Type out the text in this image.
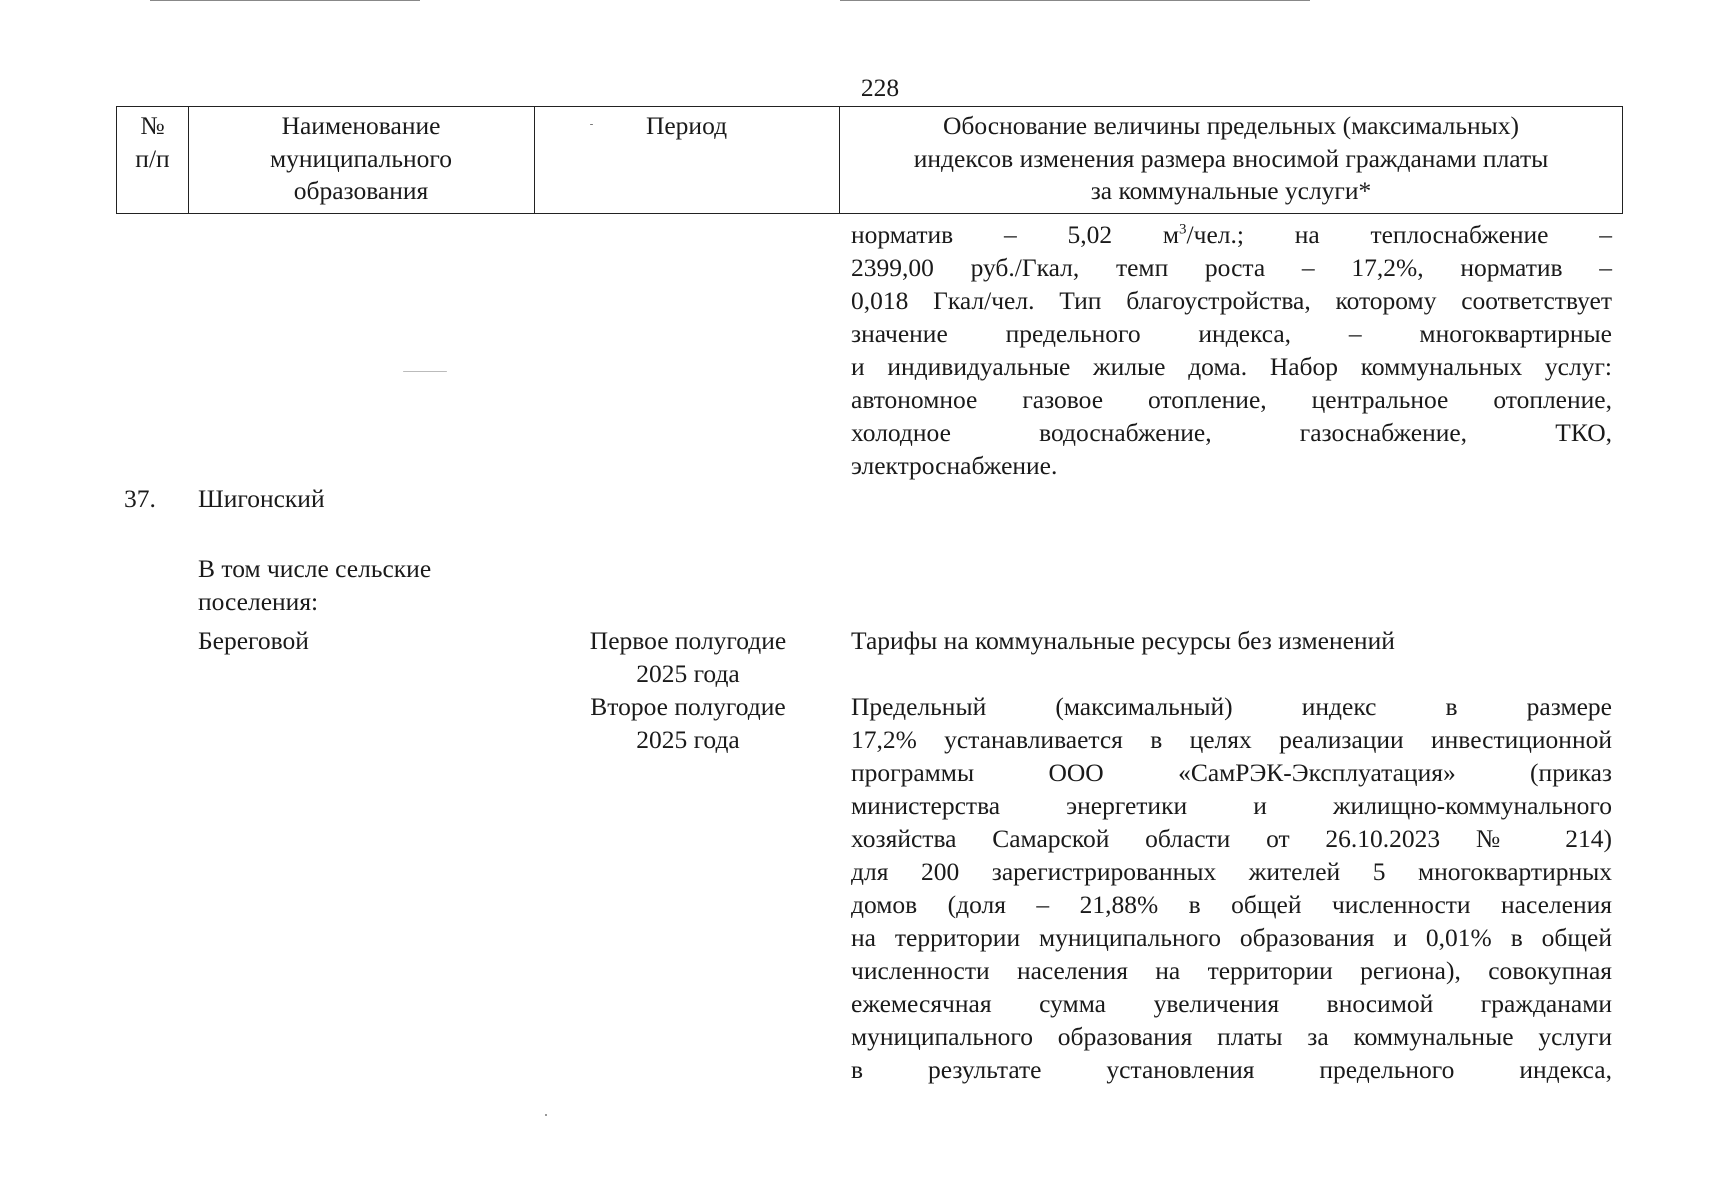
228
№
п/п
Наименование
муниципального
образования
Период	Обоснование величины предельных (максимальных)
индексов изменения размера вносимой гражданами платы
за коммунальные услуги*
норматив – 5,02 $м^3$/чел.; на теплоснабжение –
2399,00 руб./Гкал, темп роста – 17,2%, норматив –
0,018 Гкал/чел. Тип благоустройства, которому соответствует
значение предельного индекса, – многоквартирные
и индивидуальные жилые дома. Набор коммунальных услуг:
автономное газовое отопление, центральное отопление,
холодное водоснабжение, газоснабжение, ТКО,
электроснабжение.
37. Шигонский
В том числе сельские
поселения:
Береговой	Первое полугодие
2025 года
Второе полугодие
2025 года
Тарифы на коммунальные ресурсы без изменений
Предельный (максимальный) индекс в размере
17,2% устанавливается в целях реализации инвестиционной
программы ООО «СамРЭК-Эксплуатация» (приказ
министерства энергетики и жилищно-коммунального
хозяйства Самарской области от 26.10.2023 № 214)
для 200 зарегистрированных жителей 5 многоквартирных
домов (доля – 21,88% в общей численности населения
на территории муниципального образования и 0,01% в общей
численности населения на территории региона), совокупная
ежемесячная сумма увеличения вносимой гражданами
муниципального образования платы за коммунальные услуги
в результате установления предельного индекса,
